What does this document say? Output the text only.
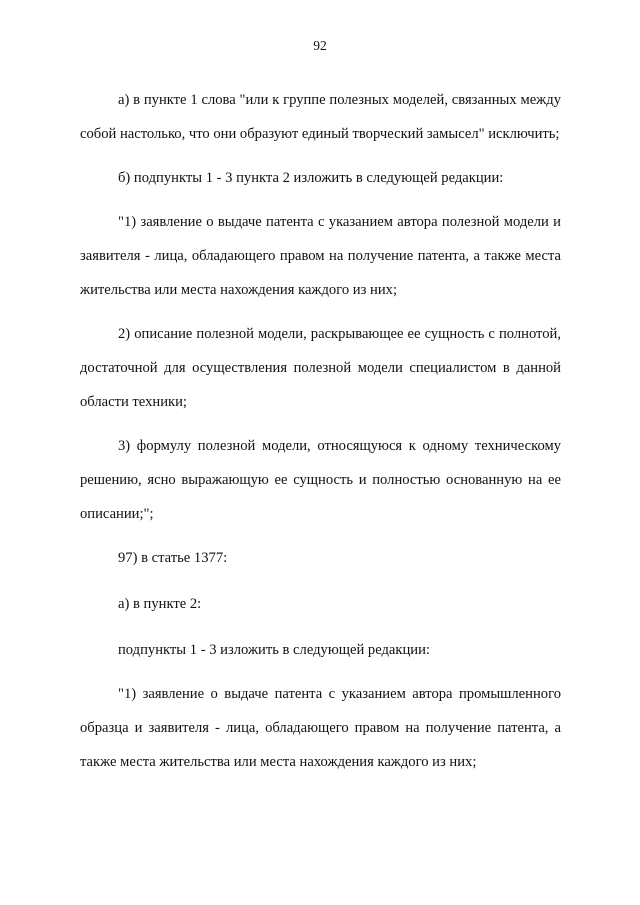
92

а) в пункте 1 слова "или к группе полезных моделей, связанных между собой настолько, что они образуют единый творческий замысел" исключить;

б) подпункты 1 - 3 пункта 2 изложить в следующей редакции:

"1) заявление о выдаче патента с указанием автора полезной модели и заявителя - лица, обладающего правом на получение патента, а также места жительства или места нахождения каждого из них;

2) описание полезной модели, раскрывающее ее сущность с полнотой, достаточной для осуществления полезной модели специалистом в данной области техники;

3) формулу полезной модели, относящуюся к одному техническому решению, ясно выражающую ее сущность и полностью основанную на ее описании;";

97) в статье 1377:

а) в пункте 2:

подпункты 1 - 3 изложить в следующей редакции:

"1) заявление о выдаче патента с указанием автора промышленного образца и заявителя - лица, обладающего правом на получение патента, а также места жительства или места нахождения каждого из них;
